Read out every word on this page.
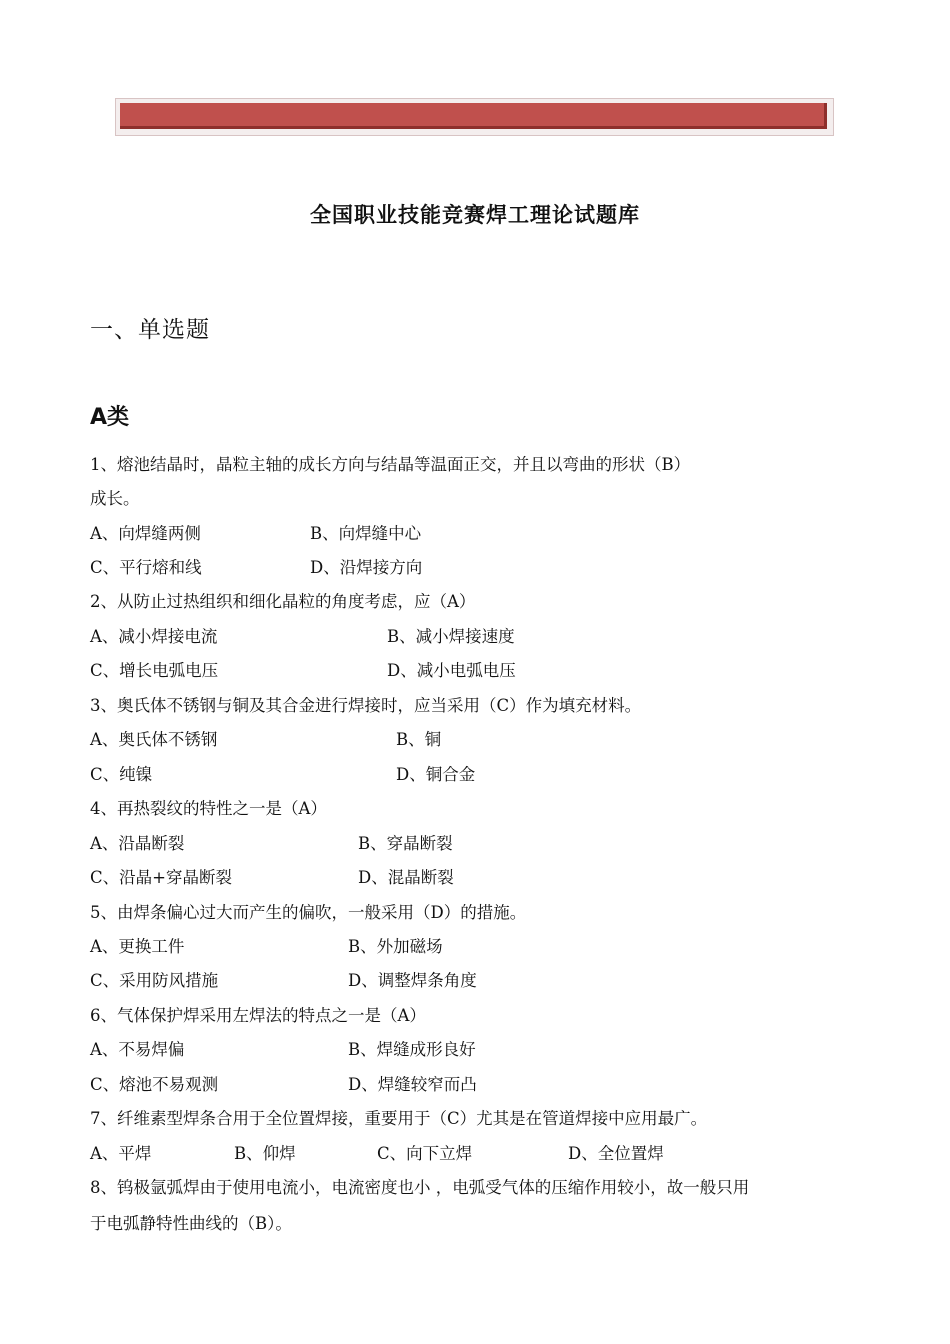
全国职业技能竞赛焊工理论试题库
一、单选题
A类
1、熔池结晶时，晶粒主轴的成长方向与结晶等温面正交，并且以弯曲的形状（B）
成长。
A、向焊缝两侧	B、向焊缝中心
C、平行熔和线	D、沿焊接方向
2、从防止过热组织和细化晶粒的角度考虑，应（A）
A、减小焊接电流	B、减小焊接速度
C、增长电弧电压	D、减小电弧电压
3、奥氏体不锈钢与铜及其合金进行焊接时，应当采用（C）作为填充材料。
A、奥氏体不锈钢	B、铜
C、纯镍	D、铜合金
4、再热裂纹的特性之一是（A）
A、沿晶断裂	B、穿晶断裂
C、沿晶+穿晶断裂	D、混晶断裂
5、由焊条偏心过大而产生的偏吹，一般采用（D）的措施。
A、更换工件	B、外加磁场
C、采用防风措施	D、调整焊条角度
6、气体保护焊采用左焊法的特点之一是（A）
A、不易焊偏	B、焊缝成形良好
C、熔池不易观测	D、焊缝较窄而凸
7、纤维素型焊条合用于全位置焊接，重要用于（C）尤其是在管道焊接中应用最广。
A、平焊	B、仰焊	C、向下立焊	D、全位置焊
8、钨极氩弧焊由于使用电流小，电流密度也小 ，电弧受气体的压缩作用较小，故一般只用
于电弧静特性曲线的（B）。
